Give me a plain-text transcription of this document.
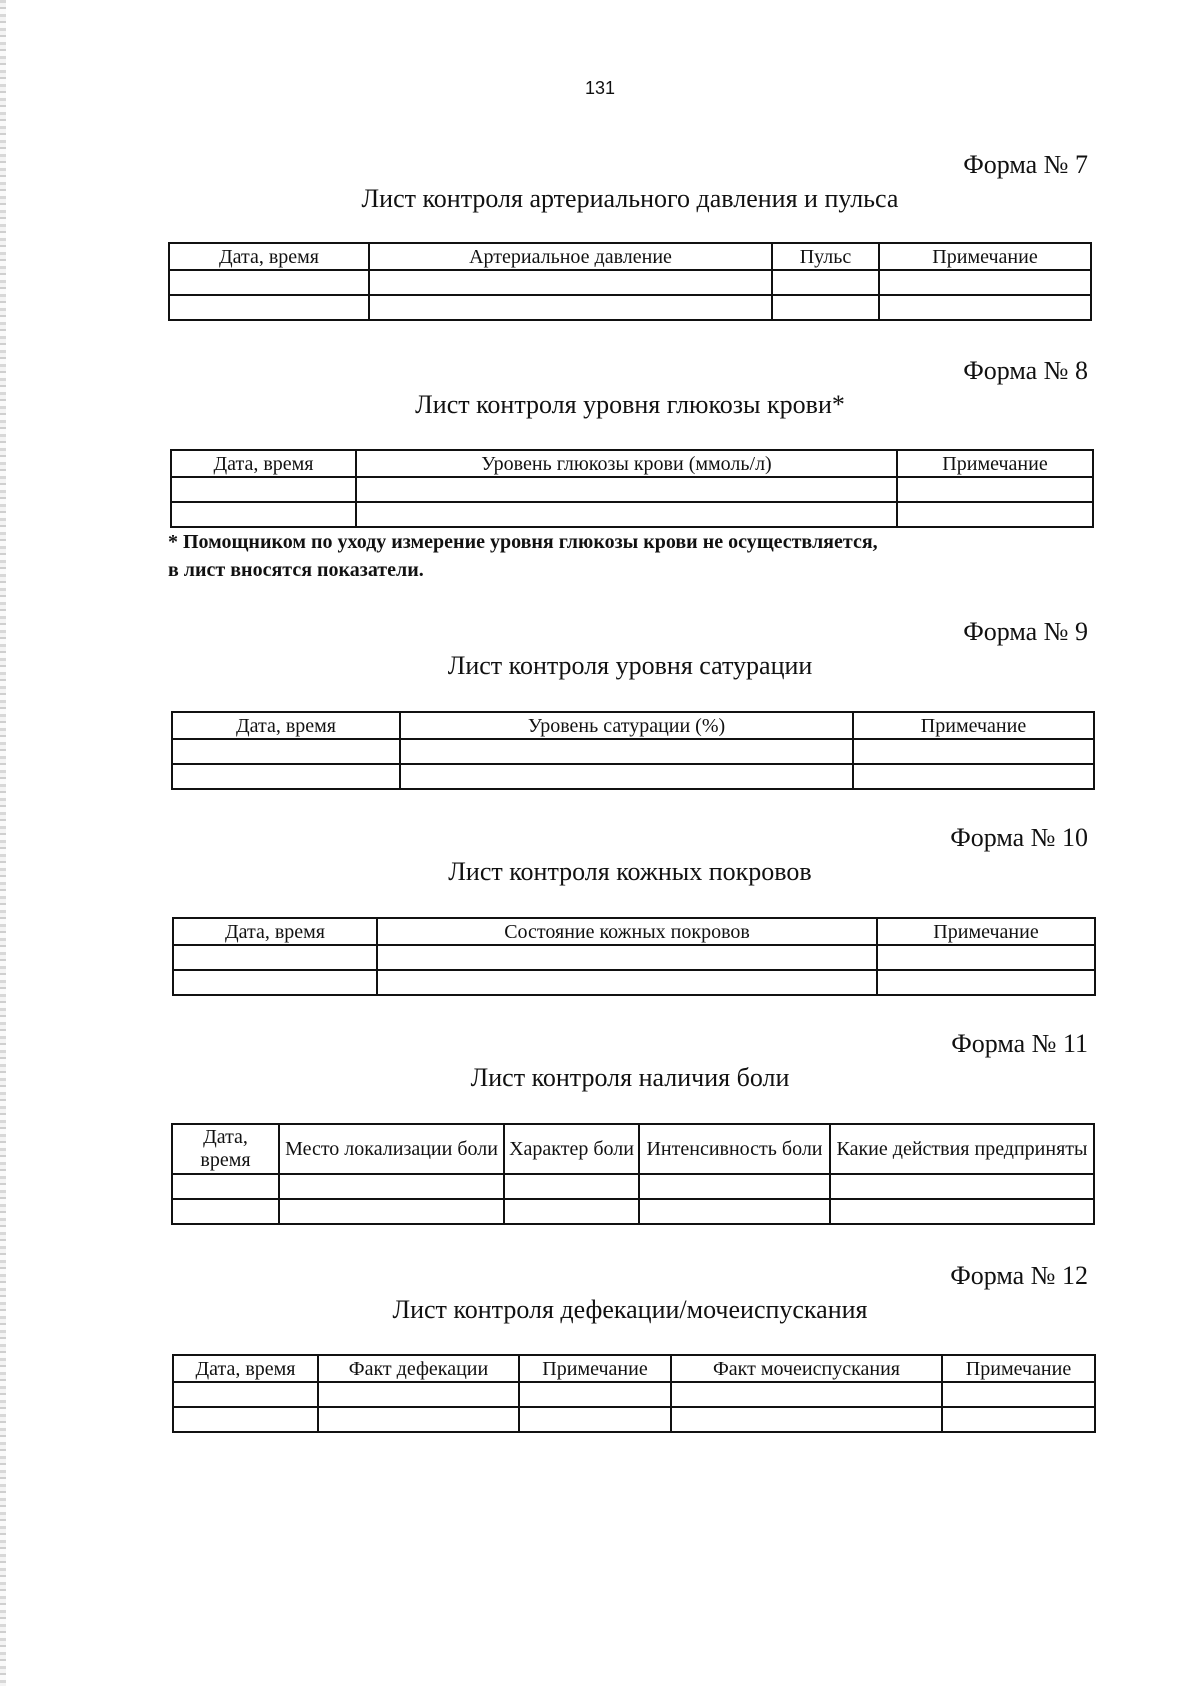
131
Форма № 7
Лист контроля артериального давления и пульса
Дата, время	Артериальное давление	Пульс	Примечание

Форма № 8
Лист контроля уровня глюкозы крови*
Дата, время	Уровень глюкозы крови (ммоль/л)	Примечание

* Помощником по уходу измерение уровня глюкозы крови не осуществляется,
в лист вносятся показатели.
Форма № 9
Лист контроля уровня сатурации
Дата, время	Уровень сатурации (%)	Примечание

Форма № 10
Лист контроля кожных покровов
Дата, время	Состояние кожных покровов	Примечание

Форма № 11
Лист контроля наличия боли
Дата, время	Место локализации боли	Характер боли	Интенсивность боли	Какие действия предприняты

Форма № 12
Лист контроля дефекации/мочеиспускания
Дата, время	Факт дефекации	Примечание	Факт мочеиспускания	Примечание
